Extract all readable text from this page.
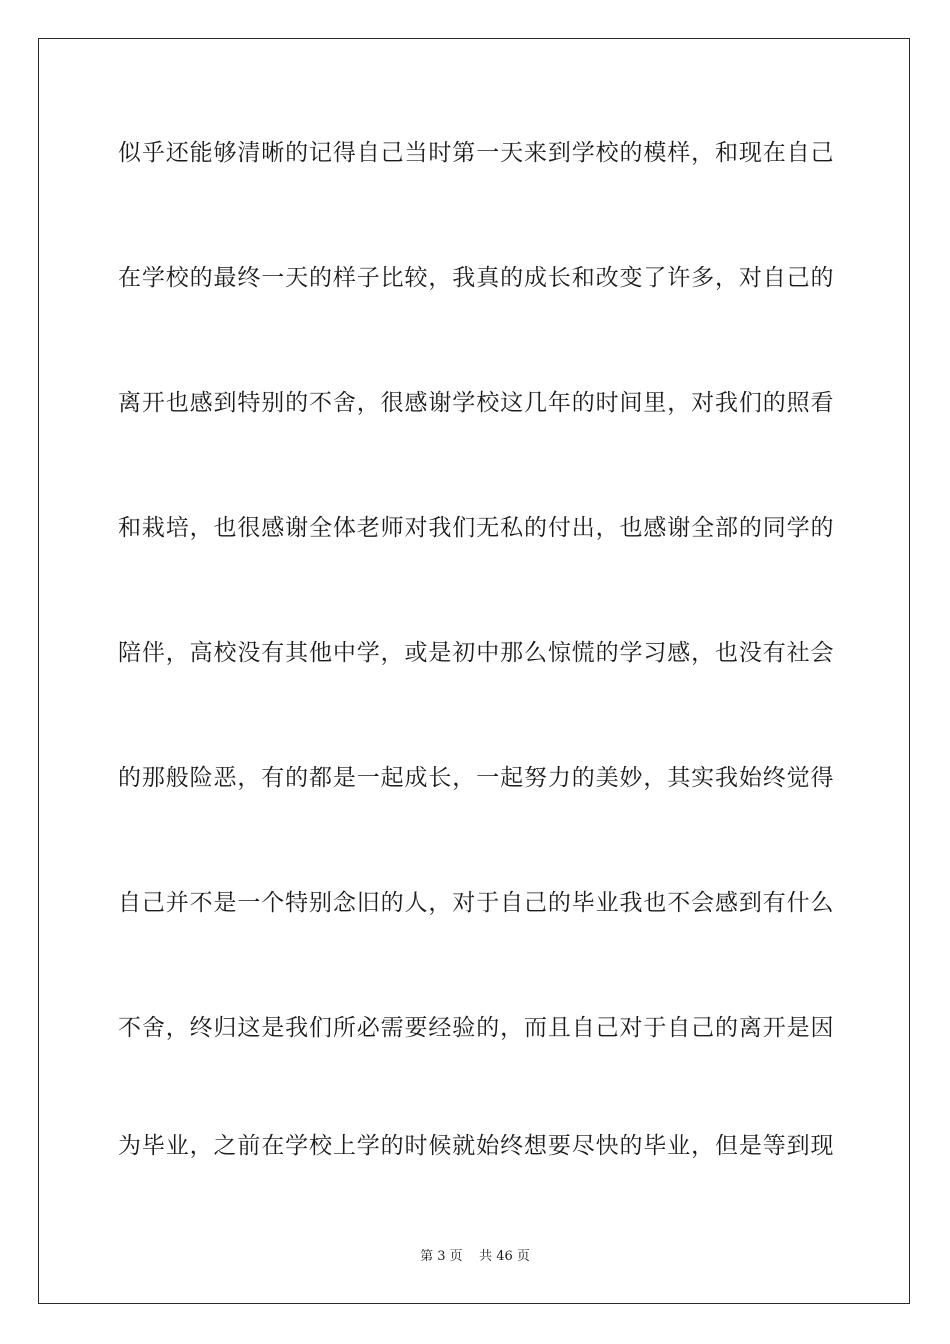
似乎还能够清晰的记得自己当时第一天来到学校的模样，和现在自己
在学校的最终一天的样子比较，我真的成长和改变了许多，对自己的
离开也感到特别的不舍，很感谢学校这几年的时间里，对我们的照看
和栽培，也很感谢全体老师对我们无私的付出，也感谢全部的同学的
陪伴，高校没有其他中学，或是初中那么惊慌的学习感，也没有社会
的那般险恶，有的都是一起成长，一起努力的美妙，其实我始终觉得
自己并不是一个特别念旧的人，对于自己的毕业我也不会感到有什么
不舍，终归这是我们所必需要经验的，而且自己对于自己的离开是因
为毕业，之前在学校上学的时候就始终想要尽快的毕业，但是等到现
第 3 页    共 46 页
